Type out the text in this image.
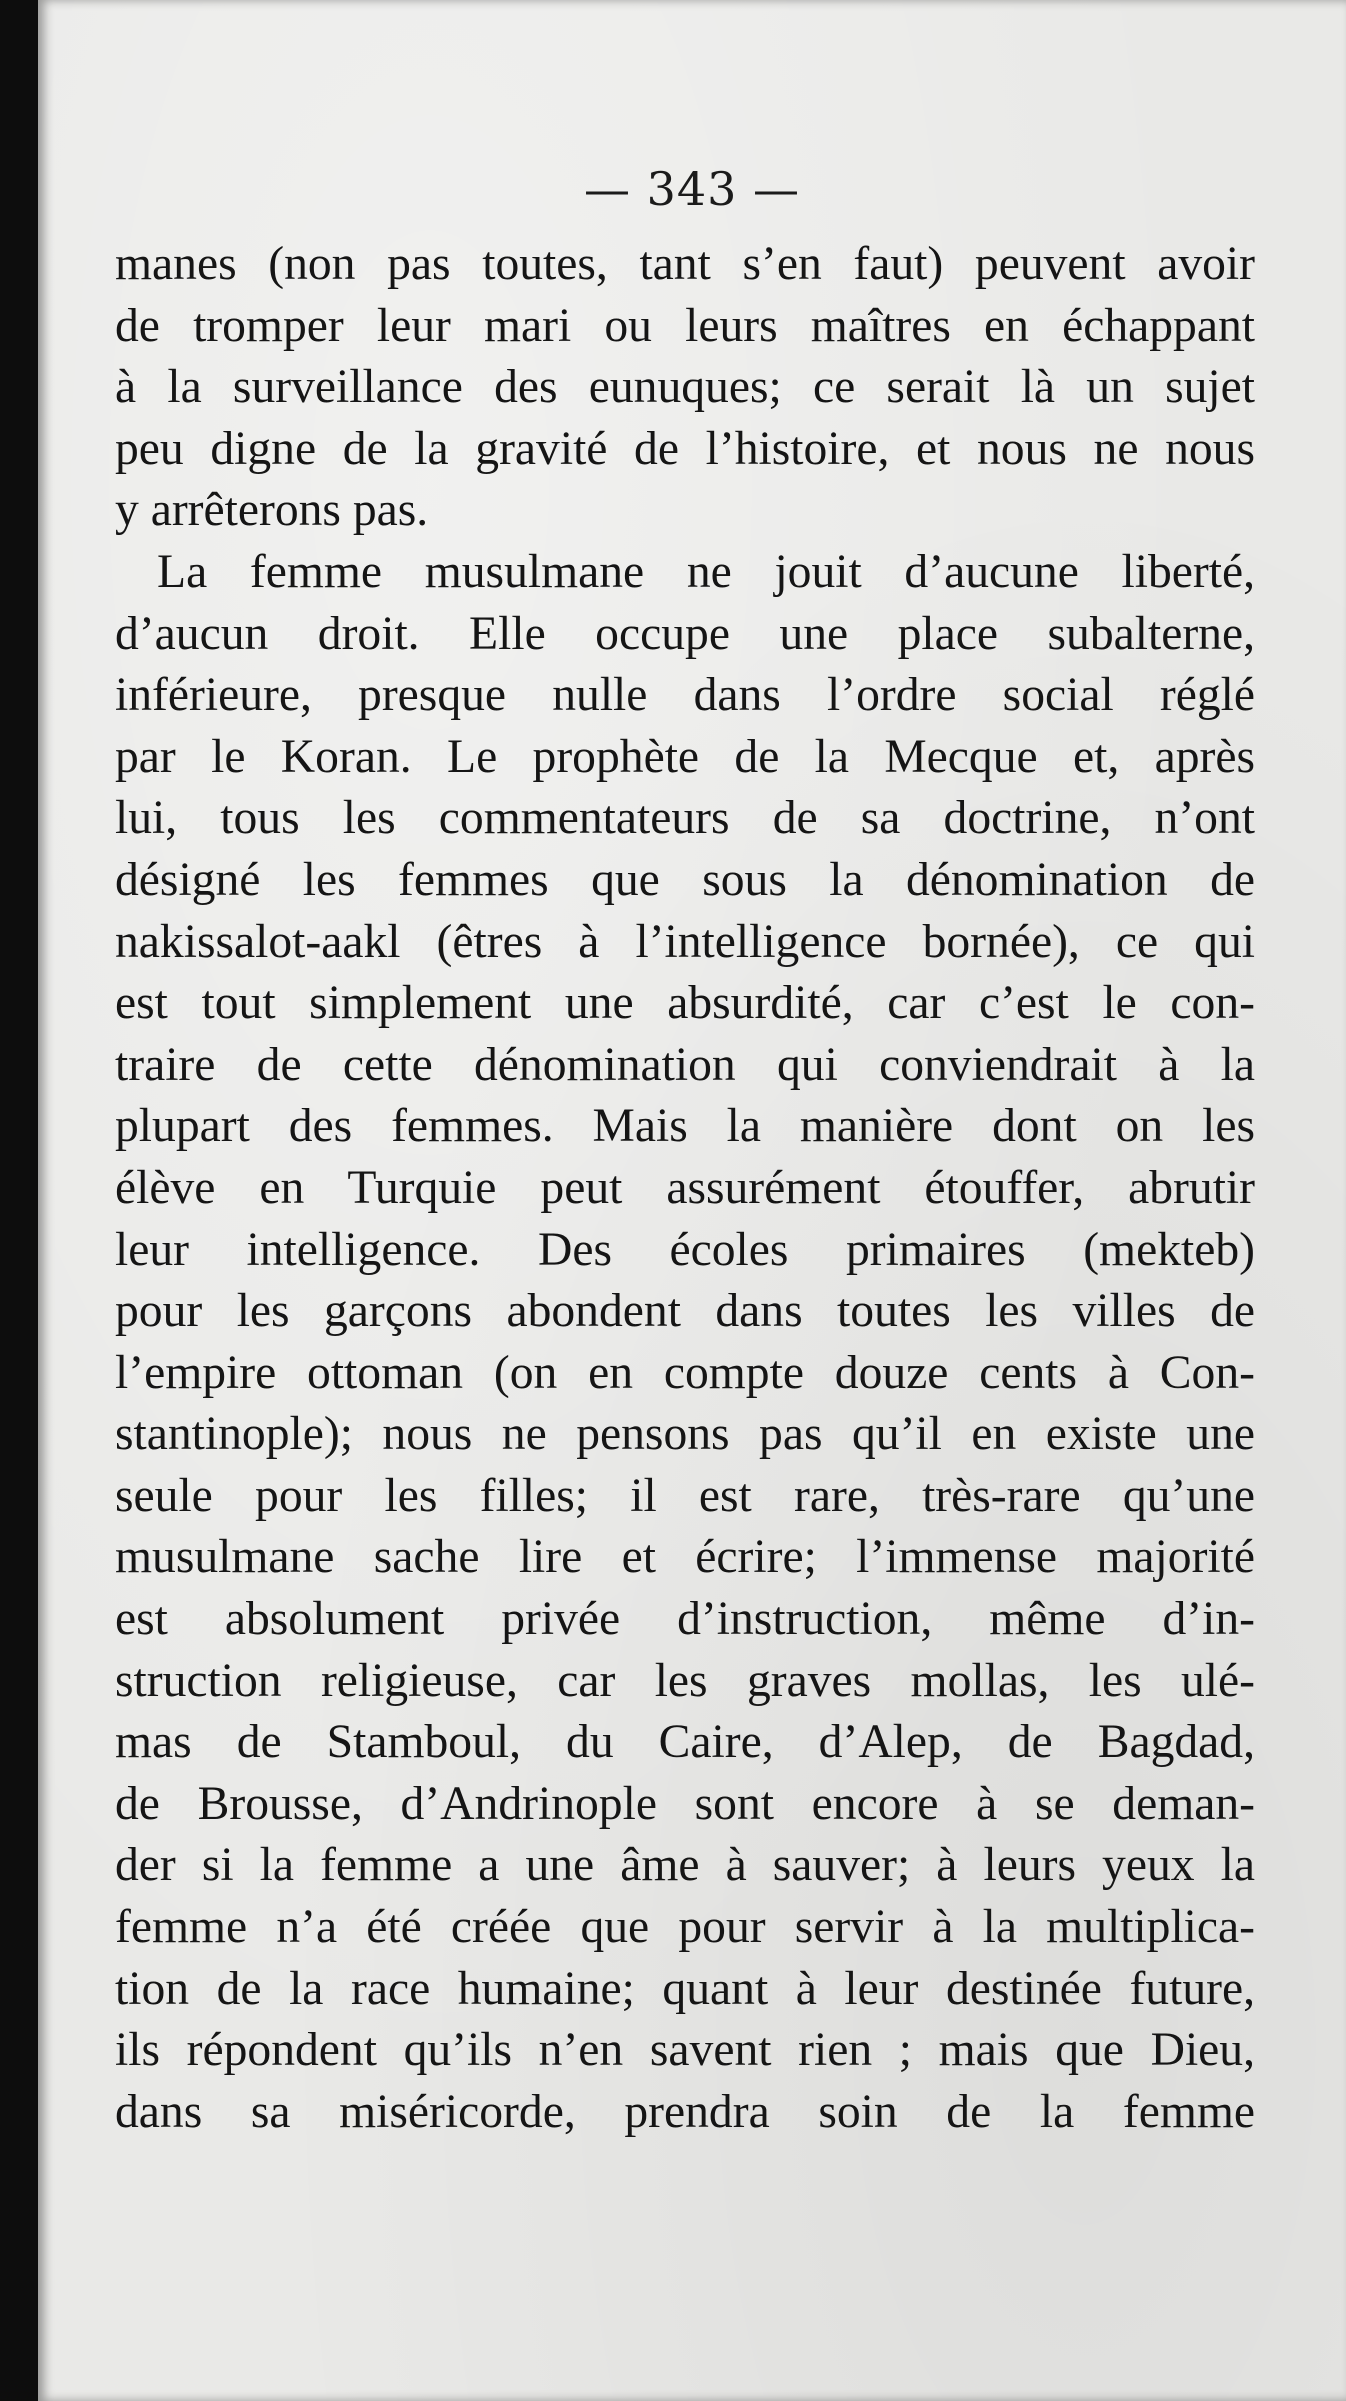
— 343 —
manes (non pas toutes, tant s’en faut) peuvent avoir
de tromper leur mari ou leurs maîtres en échappant
à la surveillance des eunuques; ce serait là un sujet
peu digne de la gravité de l’histoire, et nous ne nous
y arrêterons pas.
La femme musulmane ne jouit d’aucune liberté,
d’aucun droit. Elle occupe une place subalterne,
inférieure, presque nulle dans l’ordre social réglé
par le Koran. Le prophète de la Mecque et, après
lui, tous les commentateurs de sa doctrine, n’ont
désigné les femmes que sous la dénomination de
nakissalot-aakl (êtres à l’intelligence bornée), ce qui
est tout simplement une absurdité, car c’est le con-
traire de cette dénomination qui conviendrait à la
plupart des femmes. Mais la manière dont on les
élève en Turquie peut assurément étouffer, abrutir
leur intelligence. Des écoles primaires (mekteb)
pour les garçons abondent dans toutes les villes de
l’empire ottoman (on en compte douze cents à Con-
stantinople); nous ne pensons pas qu’il en existe une
seule pour les filles; il est rare, très-rare qu’une
musulmane sache lire et écrire; l’immense majorité
est absolument privée d’instruction, même d’in-
struction religieuse, car les graves mollas, les ulé-
mas de Stamboul, du Caire, d’Alep, de Bagdad,
de Brousse, d’Andrinople sont encore à se deman-
der si la femme a une âme à sauver; à leurs yeux la
femme n’a été créée que pour servir à la multiplica-
tion de la race humaine; quant à leur destinée future,
ils répondent qu’ils n’en savent rien ; mais que Dieu,
dans sa miséricorde, prendra soin de la femme
